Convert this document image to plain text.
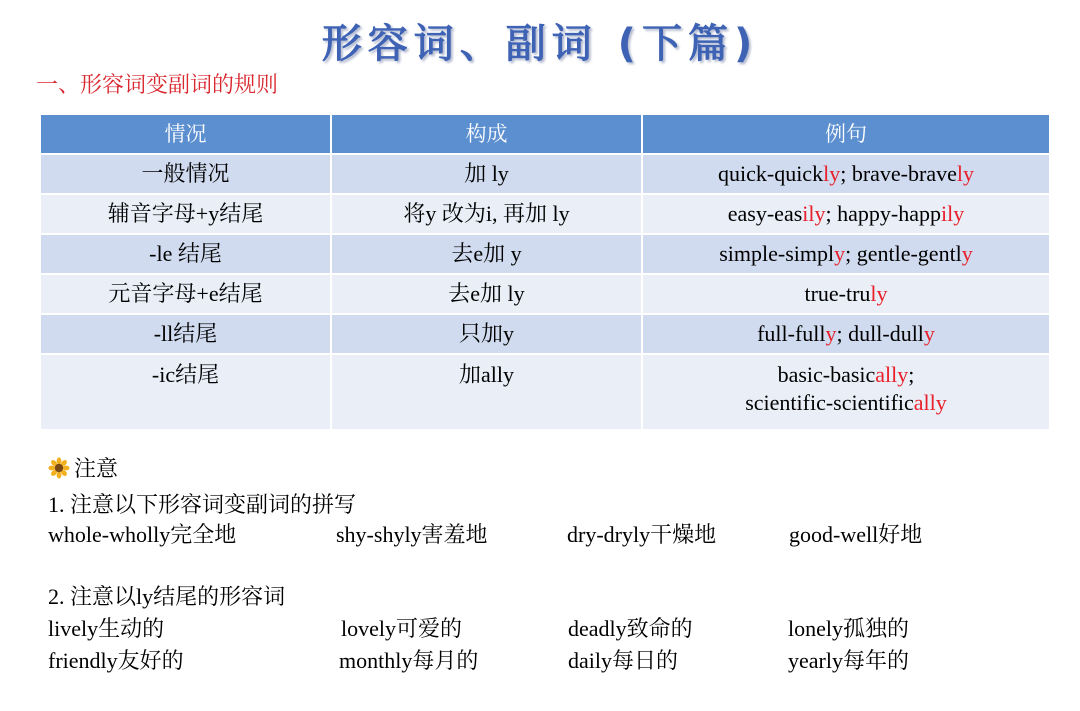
形容词、副词 (下篇)
一、形容词变副词的规则
情况	构成	例句
一般情况	加 ly	quick-quickly; brave-bravely
辅音字母+y结尾	将y 改为i, 再加 ly	easy-easily; happy-happily
-le 结尾	去e加 y	simple-simply; gentle-gently
元音字母+e结尾	去e加 ly	true-truly
-ll结尾	只加y	full-fully; dull-dully
-ic结尾	加ally	basic-basically;
scientific-scientifically
注意
1. 注意以下形容词变副词的拼写
whole-wholly完全地	shy-shyly害羞地	dry-dryly干燥地	good-well好地
2. 注意以ly结尾的形容词
lively生动的	lovely可爱的	deadly致命的	lonely孤独的
friendly友好的	monthly每月的	daily每日的	yearly每年的
